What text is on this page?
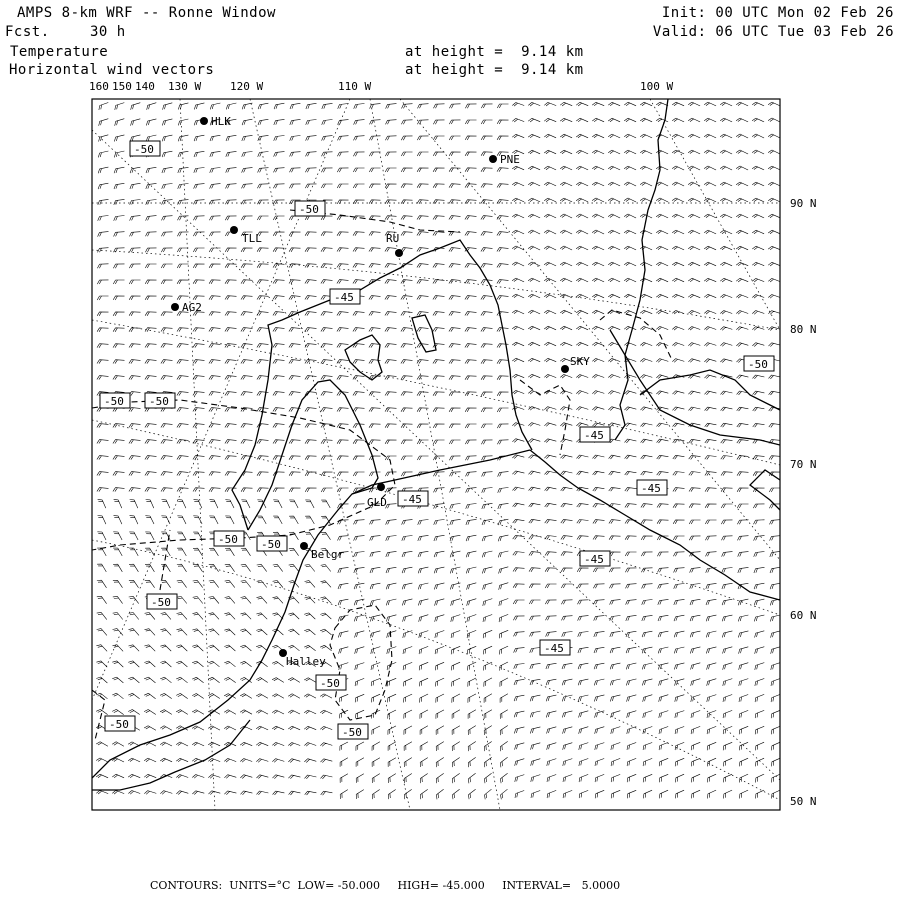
160 150 140 130 W	120 W	110 W	100 W
90 N
80 N
70 N
60 N
50 N
HLK
PNE
TLL	RU
AG2
SKY
GLD
Belgr
Halley
-50
-50
-45
-50 -50
-50
-45
-45
-45
-45
-45
-50 -50
-50
-50
-50
-50
AMPS 8-km WRF -- Ronne Window
Fcst.	30 h
Temperature
Horizontal wind vectors
at height =  9.14 km
at height =  9.14 km
Init: 00 UTC Mon 02 Feb 26
Valid: 06 UTC Tue 03 Feb 26
CONTOURS:  UNITS=°C  LOW= -50.000     HIGH= -45.000     INTERVAL=   5.0000
